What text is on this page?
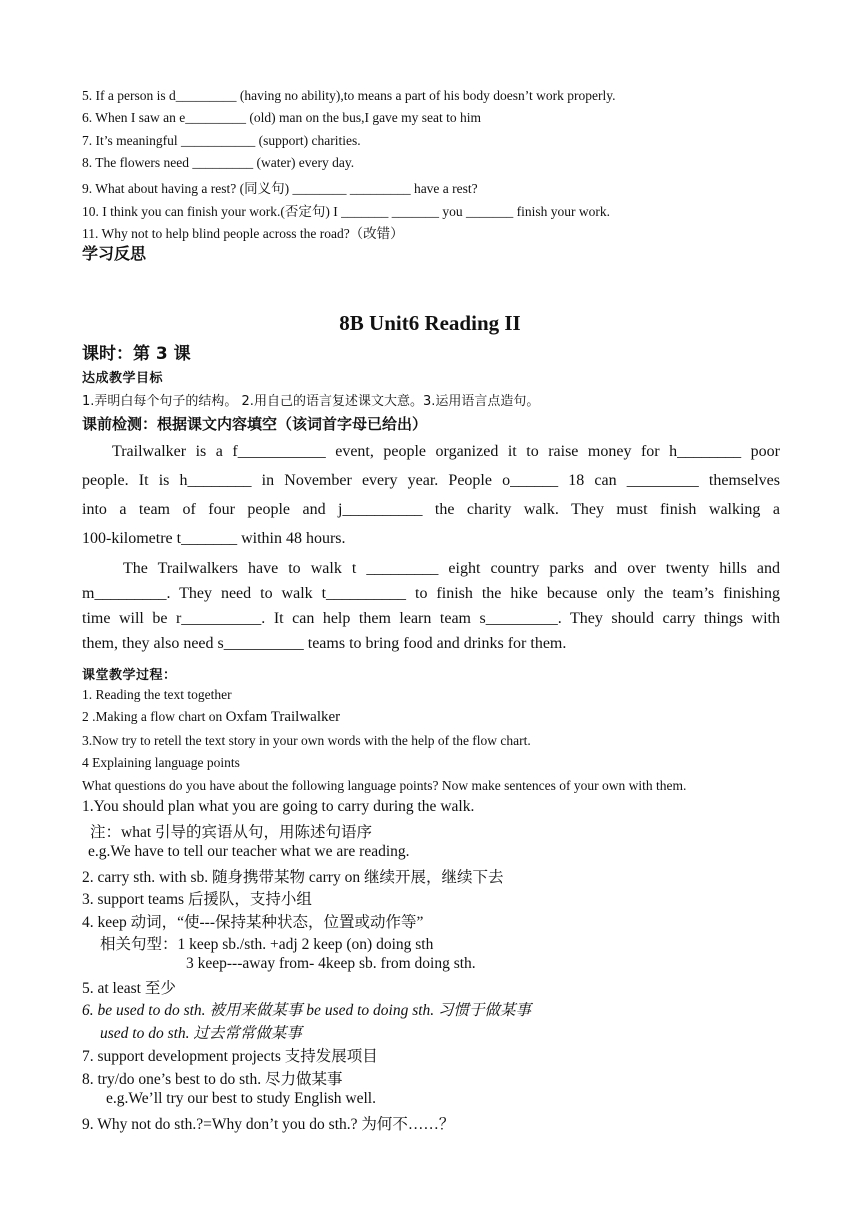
5. If a person is d_________ (having no ability),to means a part of his body doesn’t work properly.
6. When I saw an e_________ (old) man on the bus,I gave my seat to him
7. It’s meaningful ___________ (support) charities.
8. The flowers need _________ (water) every day.
9. What about having a rest? (同义句) ________ _________ have a rest?
10. I think you can finish your work.(否定句) I _______ _______ you _______ finish your work.
11. Why not to help blind people across the road?（改错）
学习反思
8B Unit6 Reading II
课时：第 3 课
达成教学目标
1.弄明白每个句子的结构。 2.用自己的语言复述课文大意。3.运用语言点造句。
课前检测：根据课文内容填空（该词首字母已给出）
Trailwalker is a f___________ event, people organized it to raise money for h________ poor
people. It is h________ in November every year. People o______ 18 can _________ themselves
into a team of four people and j__________ the charity walk. They must finish walking a
100-kilometre t_______ within 48 hours.
The Trailwalkers have to walk t _________ eight country parks and over twenty hills and
m_________. They need to walk t__________ to finish the hike because only the team’s finishing
time will be r__________. It can help them learn team s_________. They should carry things with
them, they also need s__________ teams to bring food and drinks for them.
课堂教学过程：
1. Reading the text together
2 .Making a flow chart on Oxfam Trailwalker
3.Now try to retell the text story in your own words with the help of the flow chart.
4 Explaining language points
What questions do you have about the following language points? Now make sentences of your own with them.
1.You should plan what you are going to carry during the walk.
注：what 引导的宾语从句，用陈述句语序
e.g.We have to tell our teacher what we are reading.
2. carry sth. with sb. 随身携带某物 carry on 继续开展，继续下去
3. support teams 后援队，支持小组
4. keep 动词，“使---保持某种状态，位置或动作等”
相关句型：1 keep sb./sth. +adj 2 keep (on) doing sth
3 keep---away from- 4keep sb. from doing sth.
5. at least 至少
6. be used to do sth. 被用来做某事 be used to doing sth. 习惯于做某事
used to do sth. 过去常常做某事
7. support development projects 支持发展项目
8. try/do one’s best to do sth. 尽力做某事
e.g.We’ll try our best to study English well.
9. Why not do sth.?=Why don’t you do sth.? 为何不……？
